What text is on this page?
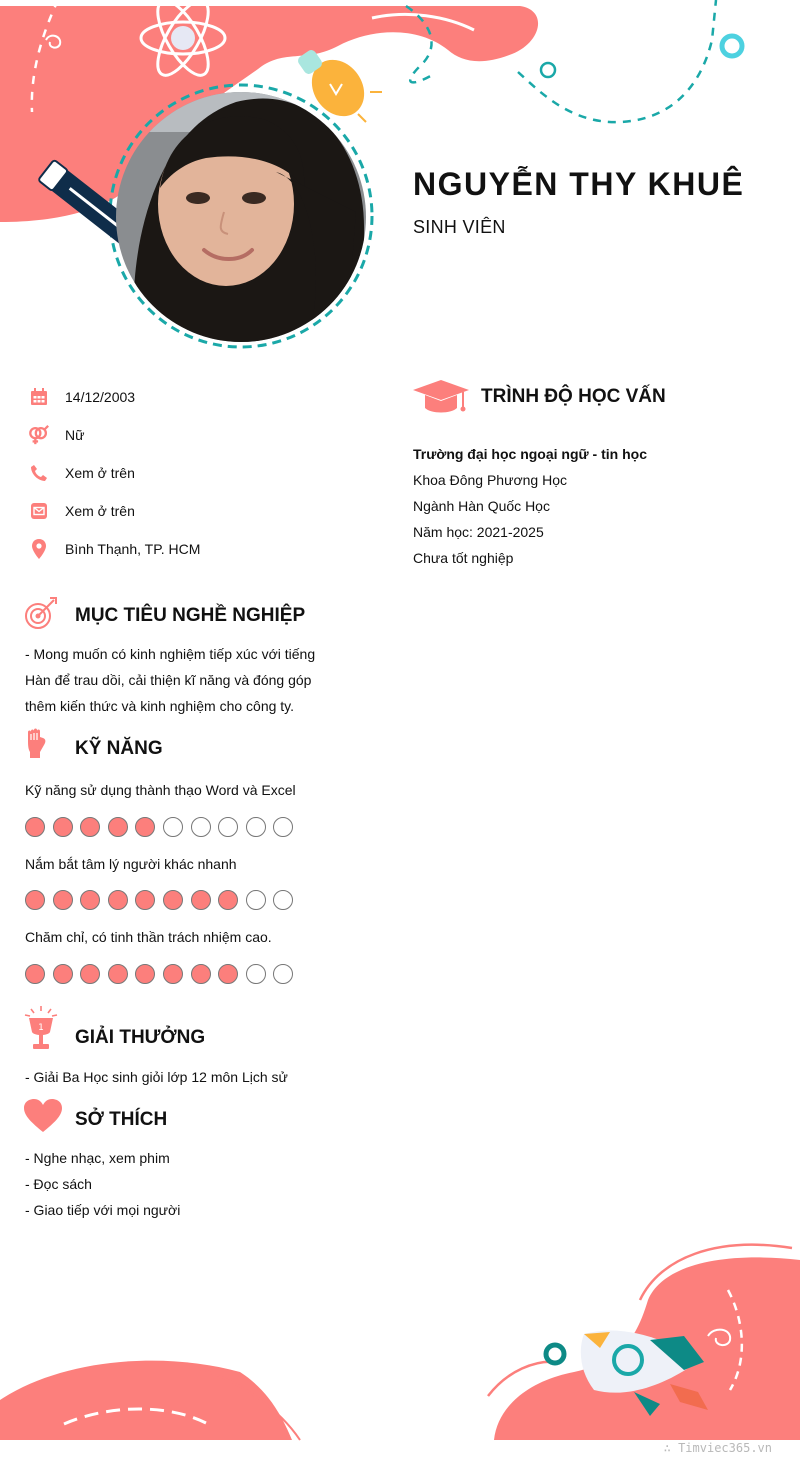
NGUYỄN THY KHUÊ
SINH VIÊN
14/12/2003
Nữ
Xem ở trên
Xem ở trên
Bình Thạnh, TP. HCM
MỤC TIÊU NGHỀ NGHIỆP
- Mong muốn có kinh nghiệm tiếp xúc với tiếng
Hàn để trau dồi, cải thiện kĩ năng và đóng góp
thêm kiến thức và kinh nghiệm cho công ty.
KỸ NĂNG
Kỹ năng sử dụng thành thạo Word và Excel
Nắm bắt tâm lý người khác nhanh
Chăm chỉ, có tinh thần trách nhiệm cao.
1 GIẢI THƯỞNG
- Giải Ba Học sinh giỏi lớp 12 môn Lịch sử
SỞ THÍCH
- Nghe nhạc, xem phim
- Đọc sách
- Giao tiếp với mọi người
TRÌNH ĐỘ HỌC VẤN
Trường đại học ngoại ngữ - tin học
Khoa Đông Phương Học
Ngành Hàn Quốc Học
Năm học: 2021-2025
Chưa tốt nghiệp
∴ Timviec365.vn
